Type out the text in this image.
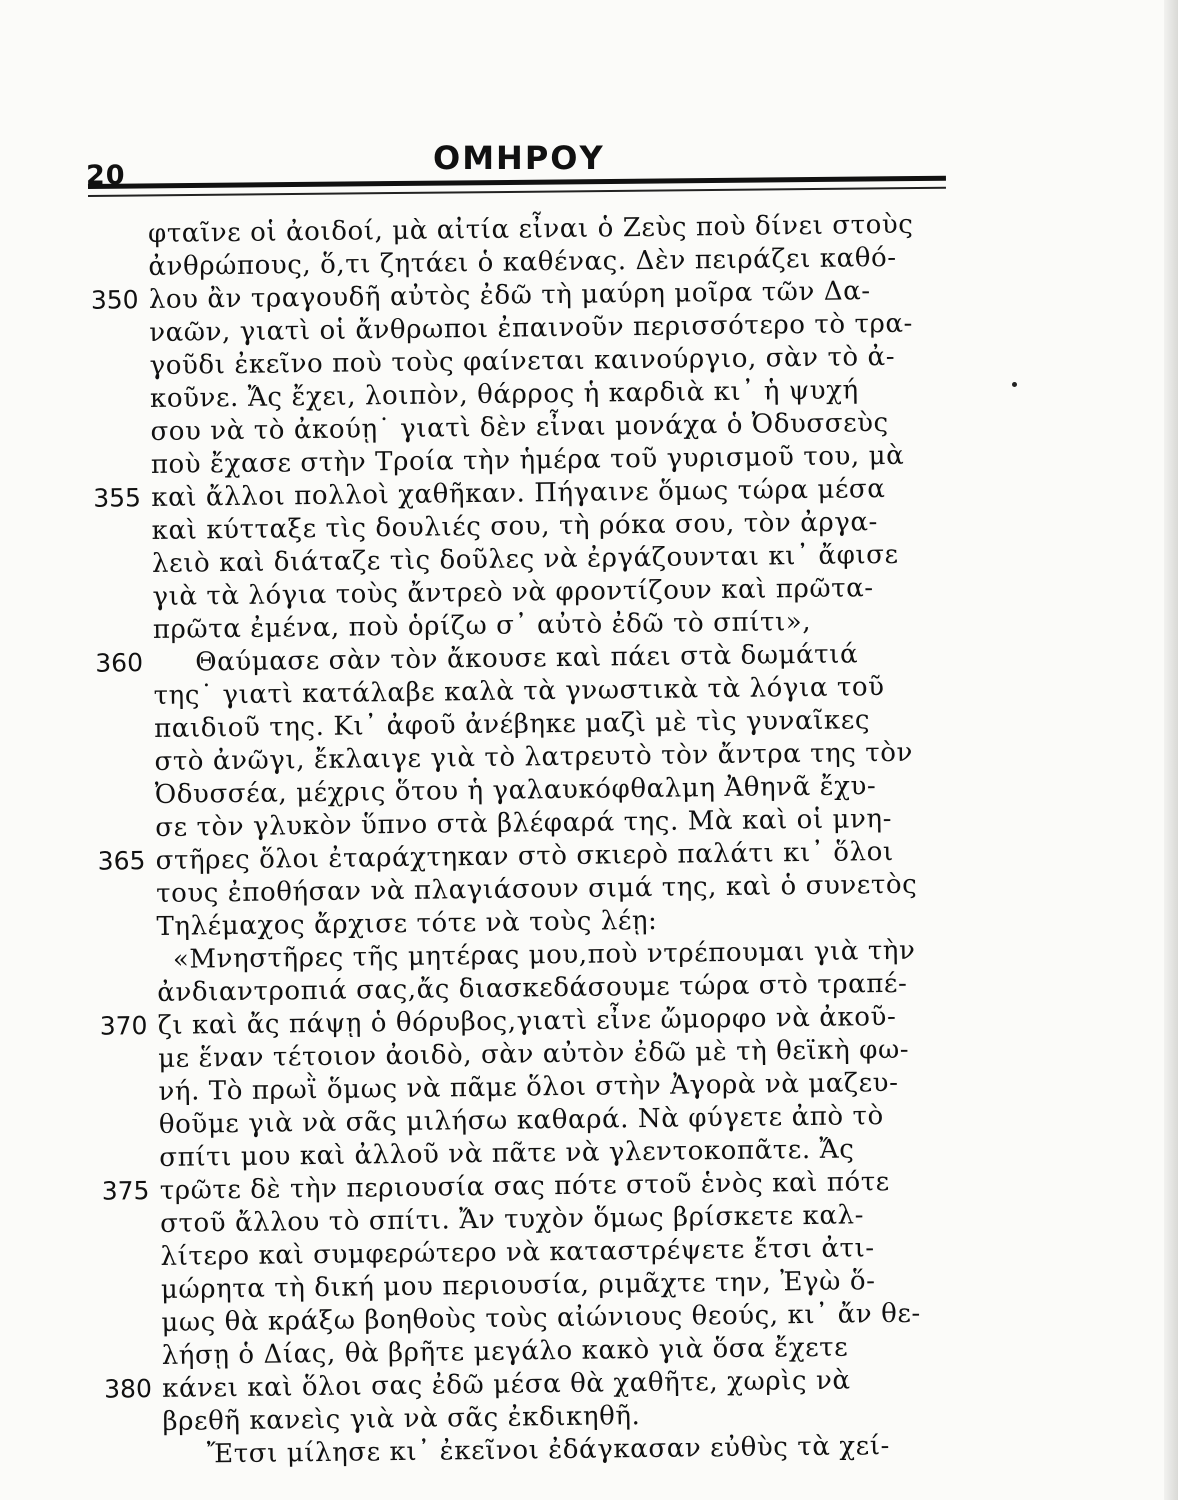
20	ΟΜΗΡΟΥ
φταῖνε οἱ ἀοιδοί, μὰ αἰτία εἶναι ὁ Ζεὺς ποὺ δίνει στοὺς
ἀνθρώπους, ὅ,τι ζητάει ὁ καθένας. Δὲν πειράζει καθό-
350 λου ἂν τραγουδῆ αὐτὸς ἐδῶ τὴ μαύρη μοῖρα τῶν Δα-
ναῶν, γιατὶ οἱ ἄνθρωποι ἐπαινοῦν περισσότερο τὸ τρα-
γοῦδι ἐκεῖνο ποὺ τοὺς φαίνεται καινούργιο, σὰν τὸ ἀ-
κοῦνε. Ἄς ἔχει, λοιπὸν, θάρρος ἡ καρδιὰ κι᾽ ἡ ψυχή
σου νὰ τὸ ἀκούῃ˙ γιατὶ δὲν εἶναι μονάχα ὁ Ὀδυσσεὺς
ποὺ ἔχασε στὴν Τροία τὴν ἡμέρα τοῦ γυρισμοῦ του, μὰ
355 καὶ ἄλλοι πολλοὶ χαθῆκαν. Πήγαινε ὅμως τώρα μέσα
καὶ κύτταξε τὶς δουλιές σου, τὴ ρόκα σου, τὸν ἀργα-
λειὸ καὶ διάταζε τὶς δοῦλες νὰ ἐργάζουνται κι᾽ ἄφισε
γιὰ τὰ λόγια τοὺς ἄντρεὸ νὰ φροντίζουν καὶ πρῶτα-
πρῶτα ἐμένα, ποὺ ὁρίζω σ᾽ αὐτὸ ἐδῶ τὸ σπίτι»,
360 Θαύμασε σὰν τὸν ἄκουσε καὶ πάει στὰ δωμάτιά
της˙ γιατὶ κατάλαβε καλὰ τὰ γνωστικὰ τὰ λόγια τοῦ
παιδιοῦ της. Κι᾽ ἀφοῦ ἀνέβηκε μαζὶ μὲ τὶς γυναῖκες
στὸ ἀνῶγι, ἔκλαιγε γιὰ τὸ λατρευτὸ τὸν ἄντρα της τὸν
Ὀδυσσέα, μέχρις ὅτου ἡ γαλαυκόφθαλμη Ἀθηνᾶ ἔχυ-
σε τὸν γλυκὸν ὕπνο στὰ βλέφαρά της. Μὰ καὶ οἱ μνη-
365 στῆρες ὅλοι ἐταράχτηκαν στὸ σκιερὸ παλάτι κι᾽ ὅλοι
τους ἐποθήσαν νὰ πλαγιάσουν σιμά της, καὶ ὁ συνετὸς
Τηλέμαχος ἄρχισε τότε νὰ τοὺς λέῃ:
«Μνηστῆρες τῆς μητέρας μου,ποὺ ντρέπουμαι γιὰ τὴν
ἀνδιαντροπιά σας,ἄς διασκεδάσουμε τώρα στὸ τραπέ-
370 ζι καὶ ἄς πάψῃ ὁ θόρυβος,γιατὶ εἶνε ὤμορφο νὰ ἀκοῦ-
με ἕναν τέτοιον ἀοιδὸ, σὰν αὐτὸν ἐδῶ μὲ τὴ θεϊκὴ φω-
νή. Τὸ πρωῒ ὅμως νὰ πᾶμε ὅλοι στὴν Ἀγορὰ νὰ μαζευ-
θοῦμε γιὰ νὰ σᾶς μιλήσω καθαρά. Νὰ φύγετε ἀπὸ τὸ
σπίτι μου καὶ ἀλλοῦ νὰ πᾶτε νὰ γλεντοκοπᾶτε. Ἄς
375 τρῶτε δὲ τὴν περιουσία σας πότε στοῦ ἑνὸς καὶ πότε
στοῦ ἄλλου τὸ σπίτι. Ἄν τυχὸν ὅμως βρίσκετε καλ-
λίτερο καὶ συμφερώτερο νὰ καταστρέψετε ἔτσι ἀτι-
μώρητα τὴ δική μου περιουσία, ριμᾶχτε την, Ἐγὼ ὅ-
μως θὰ κράξω βοηθοὺς τοὺς αἰώνιους θεούς, κι᾽ ἄν θε-
λήσῃ ὁ Δίας, θὰ βρῆτε μεγάλο κακὸ γιὰ ὅσα ἔχετε
380 κάνει καὶ ὅλοι σας ἐδῶ μέσα θὰ χαθῆτε, χωρὶς νὰ
βρεθῆ κανεὶς γιὰ νὰ σᾶς ἐκδικηθῆ.
Ἔτσι μίλησε κι᾽ ἐκεῖνοι ἐδάγκασαν εὐθὺς τὰ χεί-
